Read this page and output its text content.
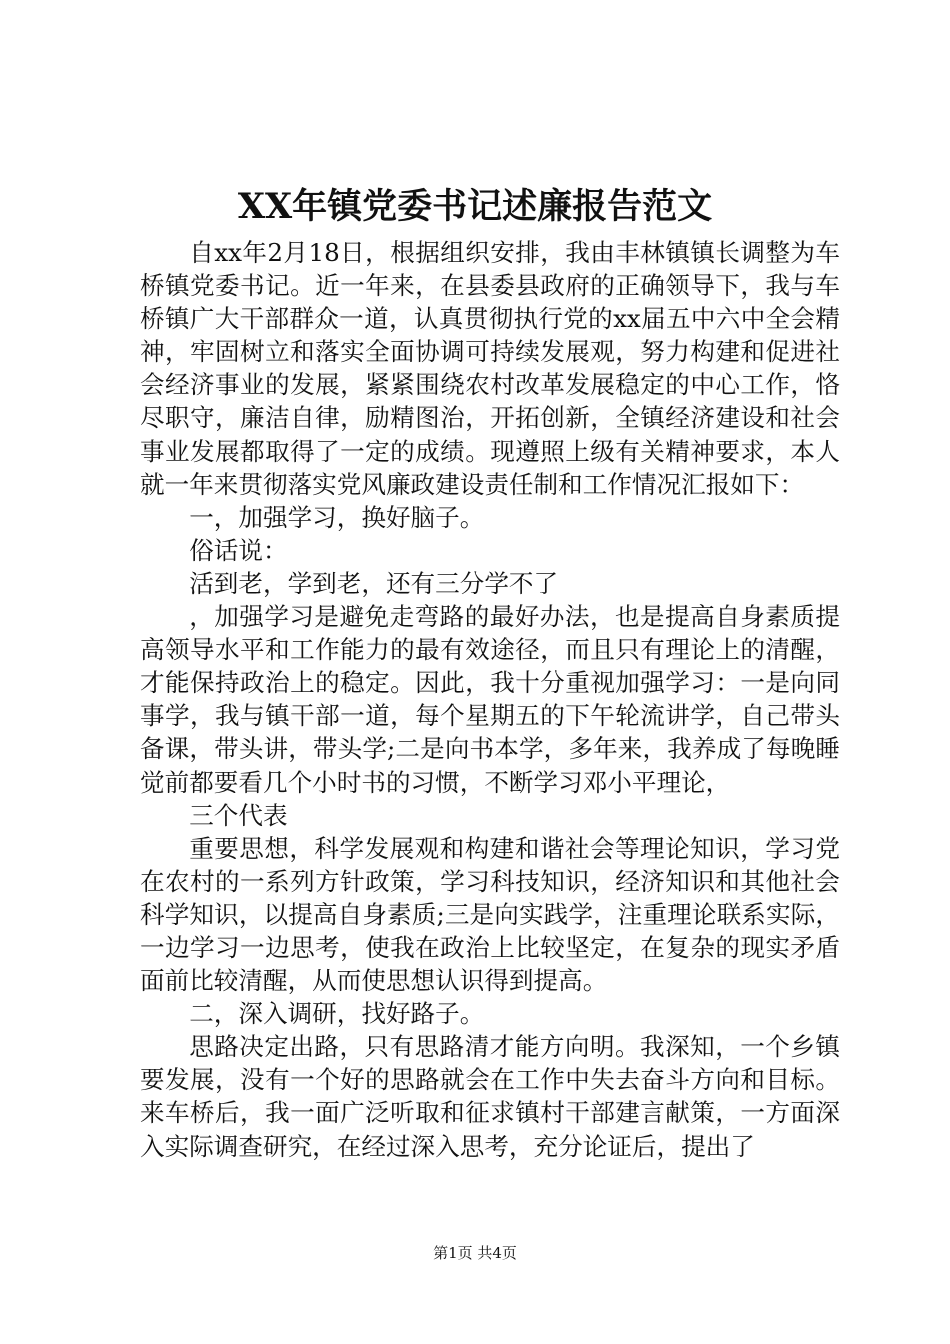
XX年镇党委书记述廉报告范文

自xx年2月18日，根据组织安排，我由丰林镇镇长调整为车桥镇党委书记。近一年来，在县委县政府的正确领导下，我与车桥镇广大干部群众一道，认真贯彻执行党的xx届五中六中全会精神，牢固树立和落实全面协调可持续发展观，努力构建和促进社会经济事业的发展，紧紧围绕农村改革发展稳定的中心工作，恪尽职守，廉洁自律，励精图治，开拓创新，全镇经济建设和社会事业发展都取得了一定的成绩。现遵照上级有关精神要求，本人就一年来贯彻落实党风廉政建设责任制和工作情况汇报如下：

一，加强学习，换好脑子。

俗话说：

活到老，学到老，还有三分学不了

，加强学习是避免走弯路的最好办法，也是提高自身素质提高领导水平和工作能力的最有效途径，而且只有理论上的清醒，才能保持政治上的稳定。因此，我十分重视加强学习：一是向同事学，我与镇干部一道，每个星期五的下午轮流讲学，自己带头备课，带头讲，带头学;二是向书本学，多年来，我养成了每晚睡觉前都要看几个小时书的习惯，不断学习邓小平理论，

三个代表

重要思想，科学发展观和构建和谐社会等理论知识，学习党在农村的一系列方针政策，学习科技知识，经济知识和其他社会科学知识，以提高自身素质;三是向实践学，注重理论联系实际，一边学习一边思考，使我在政治上比较坚定，在复杂的现实矛盾面前比较清醒，从而使思想认识得到提高。

二，深入调研，找好路子。

思路决定出路，只有思路清才能方向明。我深知，一个乡镇要发展，没有一个好的思路就会在工作中失去奋斗方向和目标。来车桥后，我一面广泛听取和征求镇村干部建言献策，一方面深入实际调查研究，在经过深入思考，充分论证后，提出了

第1页 共4页
